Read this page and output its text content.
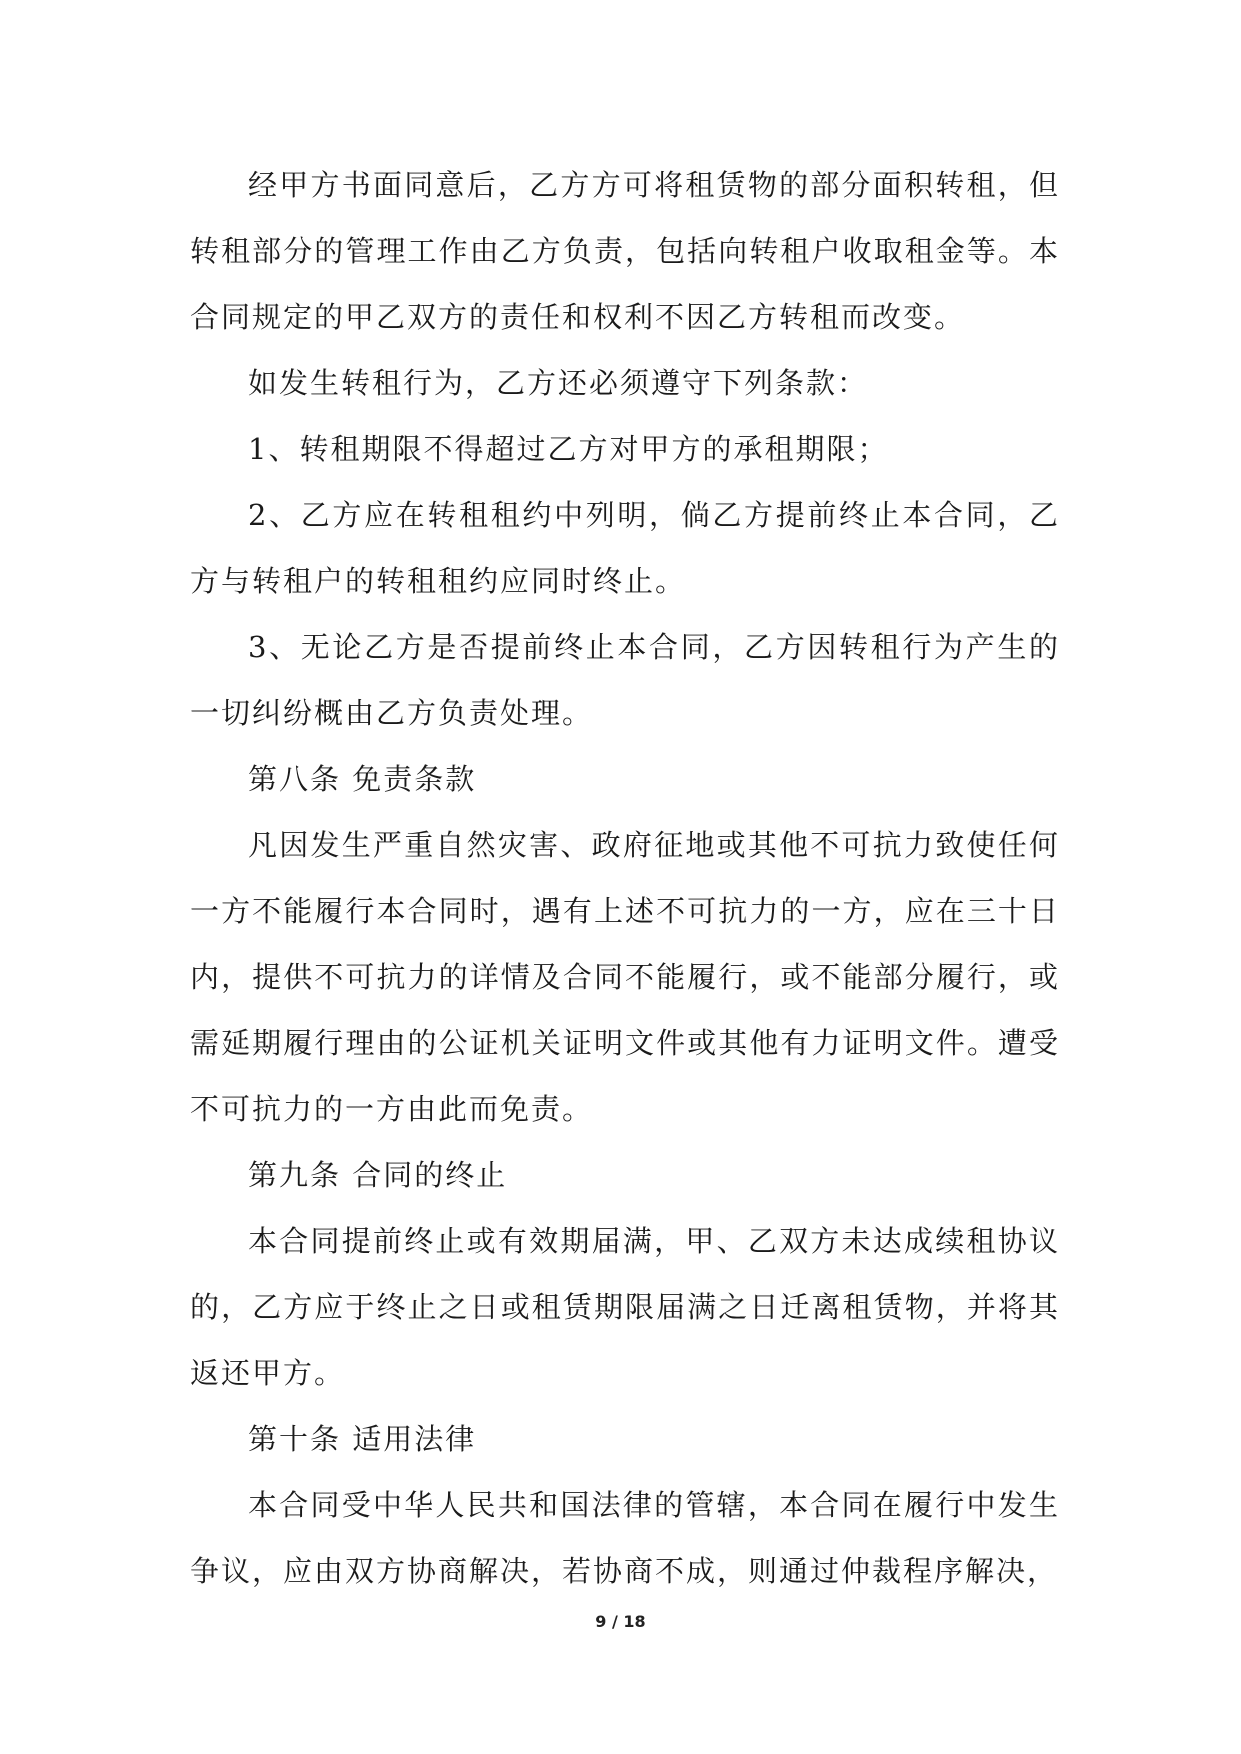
经甲方书面同意后，乙方方可将租赁物的部分面积转租，但转租部分的管理工作由乙方负责，包括向转租户收取租金等。本合同规定的甲乙双方的责任和权利不因乙方转租而改变。

如发生转租行为，乙方还必须遵守下列条款：

1、转租期限不得超过乙方对甲方的承租期限；

2、乙方应在转租租约中列明，倘乙方提前终止本合同，乙方与转租户的转租租约应同时终止。

3、无论乙方是否提前终止本合同，乙方因转租行为产生的一切纠纷概由乙方负责处理。

第八条 免责条款

凡因发生严重自然灾害、政府征地或其他不可抗力致使任何一方不能履行本合同时，遇有上述不可抗力的一方，应在三十日内，提供不可抗力的详情及合同不能履行，或不能部分履行，或需延期履行理由的公证机关证明文件或其他有力证明文件。遭受不可抗力的一方由此而免责。

第九条 合同的终止

本合同提前终止或有效期届满，甲、乙双方未达成续租协议的，乙方应于终止之日或租赁期限届满之日迁离租赁物，并将其返还甲方。

第十条 适用法律

本合同受中华人民共和国法律的管辖，本合同在履行中发生争议，应由双方协商解决，若协商不成，则通过仲裁程序解决，

9 / 18
